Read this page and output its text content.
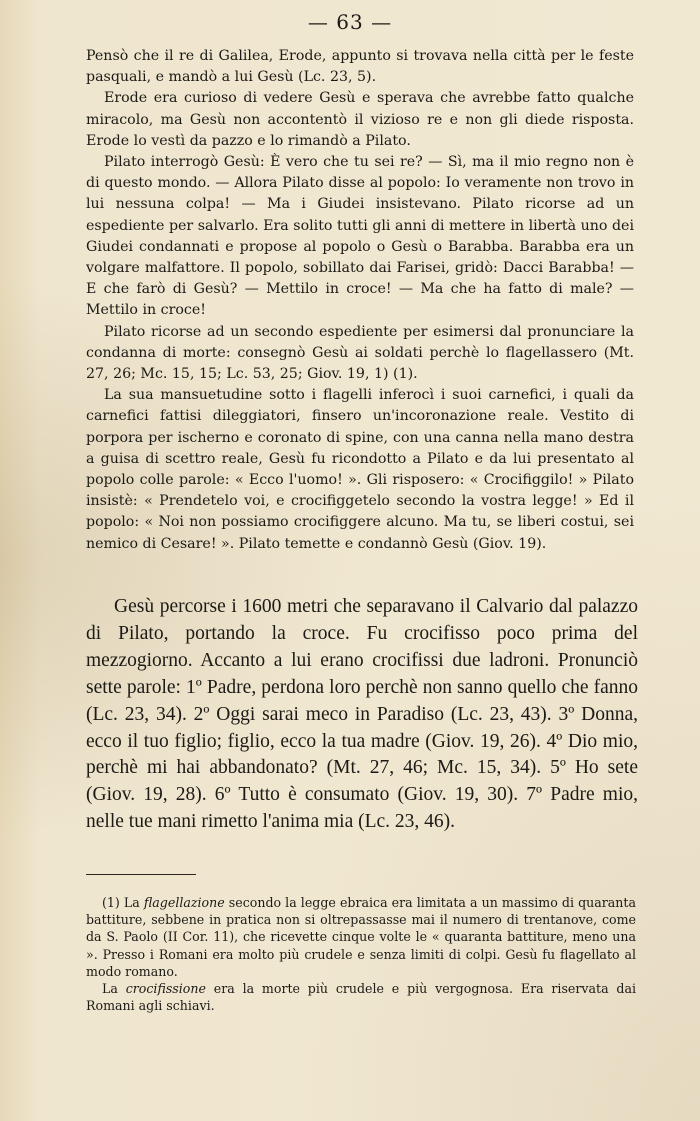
— 63 —

Pensò che il re di Galilea, Erode, appunto si trovava nella città per le feste pasquali, e mandò a lui Gesù (Lc. 23, 5).

Erode era curioso di vedere Gesù e sperava che avrebbe fatto qualche miracolo, ma Gesù non accontentò il vizioso re e non gli diede risposta. Erode lo vestì da pazzo e lo rimandò a Pilato.

Pilato interrogò Gesù: È vero che tu sei re? — Sì, ma il mio regno non è di questo mondo. — Allora Pilato disse al popolo: Io veramente non trovo in lui nessuna colpa! — Ma i Giudei insistevano. Pilato ricorse ad un espediente per salvarlo. Era solito tutti gli anni di mettere in libertà uno dei Giudei condannati e propose al popolo o Gesù o Barabba. Barabba era un volgare malfattore. Il popolo, sobillato dai Farisei, gridò: Dacci Barabba! — E che farò di Gesù? — Mettilo in croce! — Ma che ha fatto di male? — Mettilo in croce!

Pilato ricorse ad un secondo espediente per esimersi dal pronunciare la condanna di morte: consegnò Gesù ai soldati perchè lo flagellassero (Mt. 27, 26; Mc. 15, 15; Lc. 53, 25; Giov. 19, 1) (1).

La sua mansuetudine sotto i flagelli inferocì i suoi carnefici, i quali da carnefici fattisi dileggiatori, finsero un'incoronazione reale. Vestito di porpora per ischerno e coronato di spine, con una canna nella mano destra a guisa di scettro reale, Gesù fu ricondotto a Pilato e da lui presentato al popolo colle parole: « Ecco l'uomo! ». Gli risposero: « Crocifiggilo! » Pilato insistè: « Prendetelo voi, e crocifiggetelo secondo la vostra legge! » Ed il popolo: « Noi non possiamo crocifiggere alcuno. Ma tu, se liberi costui, sei nemico di Cesare! ». Pilato temette e condannò Gesù (Giov. 19).

Gesù percorse i 1600 metri che separavano il Calvario dal palazzo di Pilato, portando la croce. Fu crocifisso poco prima del mezzogiorno. Accanto a lui erano crocifissi due ladroni. Pronunciò sette parole: 1º Padre, perdona loro perchè non sanno quello che fanno (Lc. 23, 34). 2º Oggi sarai meco in Paradiso (Lc. 23, 43). 3º Donna, ecco il tuo figlio; figlio, ecco la tua madre (Giov. 19, 26). 4º Dio mio, perchè mi hai abbandonato? (Mt. 27, 46; Mc. 15, 34). 5º Ho sete (Giov. 19, 28). 6º Tutto è consumato (Giov. 19, 30). 7º Padre mio, nelle tue mani rimetto l'anima mia (Lc. 23, 46).

(1) La flagellazione secondo la legge ebraica era limitata a un massimo di quaranta battiture, sebbene in pratica non si oltrepassasse mai il numero di trentanove, come da S. Paolo (II Cor. 11), che ricevette cinque volte le « quaranta battiture, meno una ». Presso i Romani era molto più crudele e senza limiti di colpi. Gesù fu flagellato al modo romano.

La crocifissione era la morte più crudele e più vergognosa. Era riservata dai Romani agli schiavi.
